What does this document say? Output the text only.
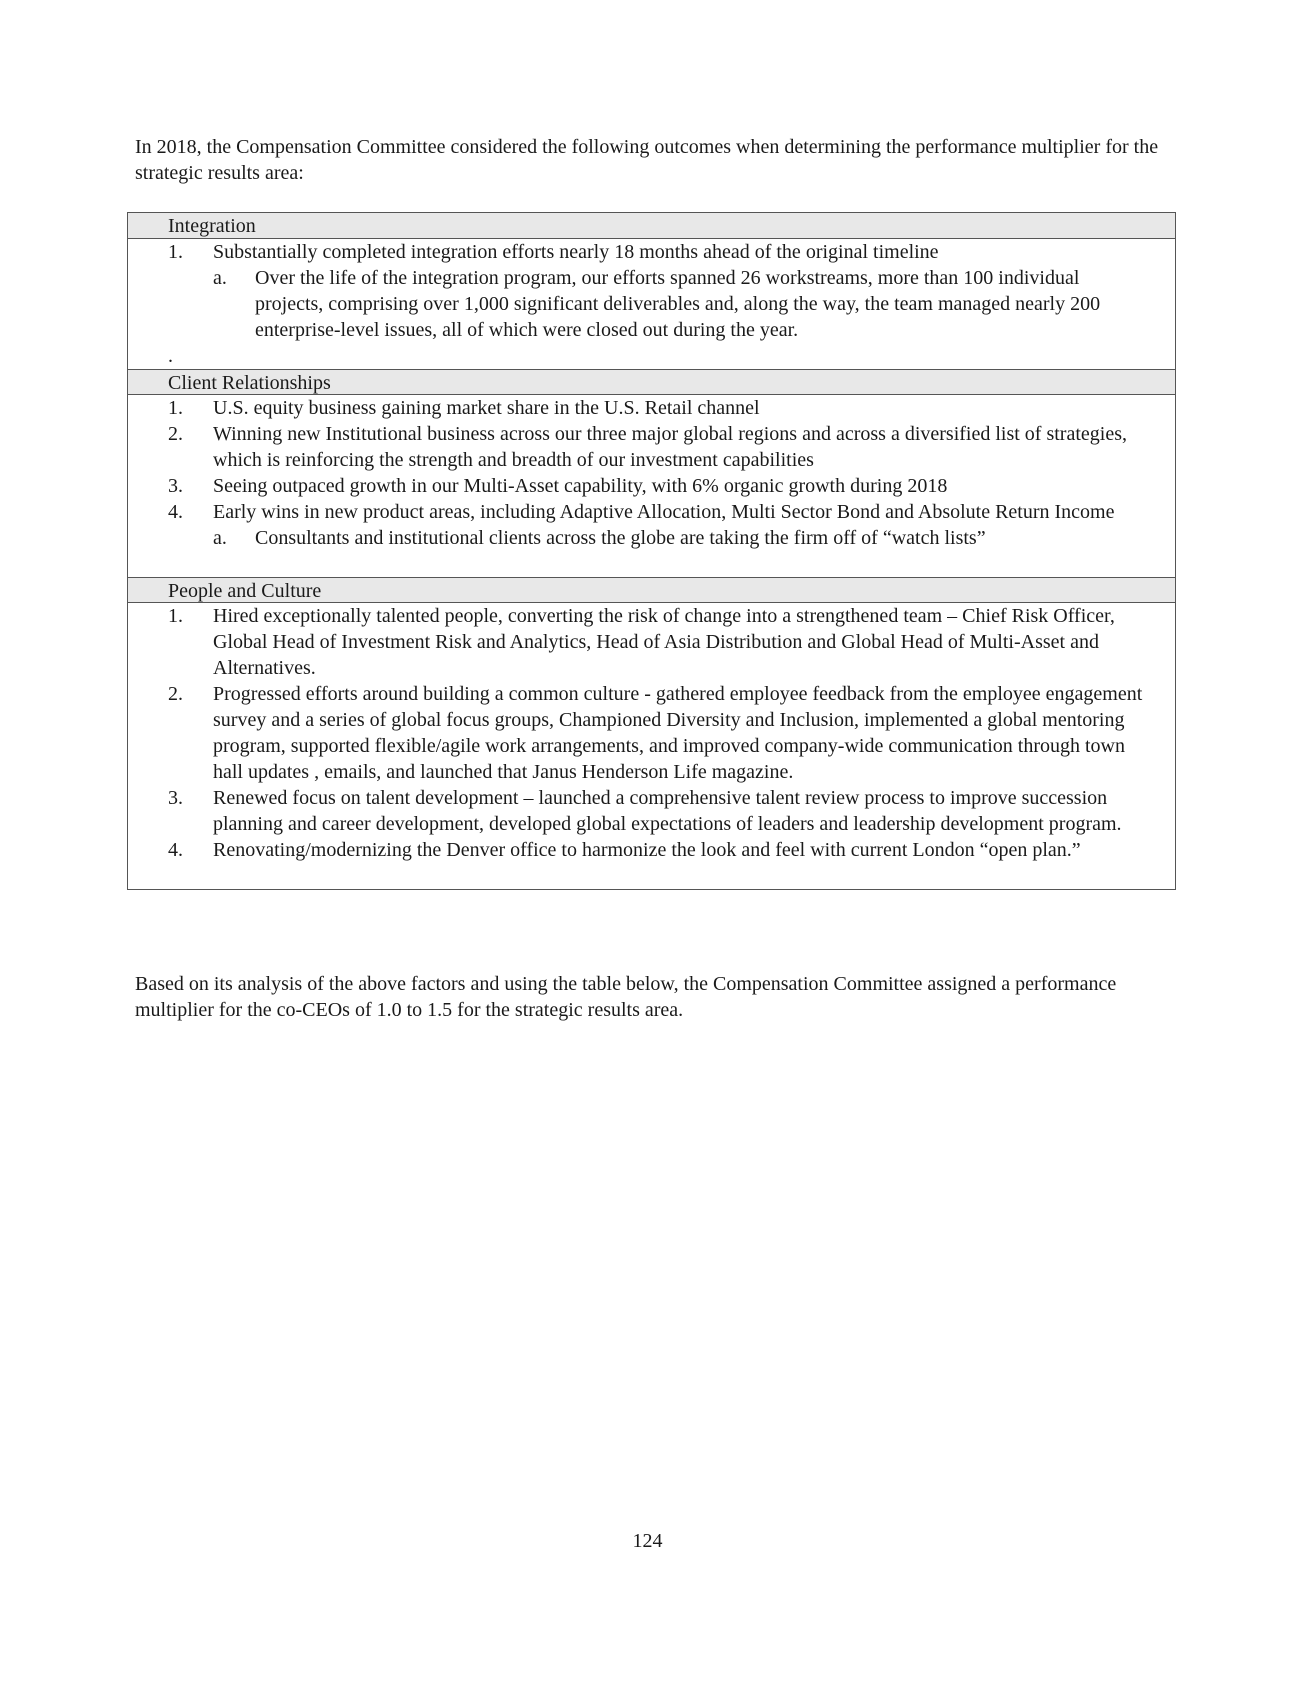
In 2018, the Compensation Committee considered the following outcomes when determining the performance multiplier for the strategic results area:

Integration
1.	Substantially completed integration efforts nearly 18 months ahead of the original timeline
a.	Over the life of the integration program, our efforts spanned 26 workstreams, more than 100 individual projects, comprising over 1,000 significant deliverables and, along the way, the team managed nearly 200 enterprise-level issues, all of which were closed out during the year.
.
Client Relationships
1.	U.S. equity business gaining market share in the U.S. Retail channel
2.	Winning new Institutional business across our three major global regions and across a diversified list of strategies, which is reinforcing the strength and breadth of our investment capabilities
3.	Seeing outpaced growth in our Multi-Asset capability, with 6% organic growth during 2018
4.	Early wins in new product areas, including Adaptive Allocation, Multi Sector Bond and Absolute Return Income
a.	Consultants and institutional clients across the globe are taking the firm off of “watch lists”
People and Culture
1.	Hired exceptionally talented people, converting the risk of change into a strengthened team – Chief Risk Officer, Global Head of Investment Risk and Analytics, Head of Asia Distribution and Global Head of Multi-Asset and Alternatives.
2.	Progressed efforts around building a common culture - gathered employee feedback from the employee engagement survey and a series of global focus groups, Championed Diversity and Inclusion, implemented a global mentoring program, supported flexible/agile work arrangements, and improved company-wide communication through town hall updates , emails, and launched that Janus Henderson Life magazine.
3.	Renewed focus on talent development – launched a comprehensive talent review process to improve succession planning and career development, developed global expectations of leaders and leadership development program.
4.	Renovating/modernizing the Denver office to harmonize the look and feel with current London “open plan.”

Based on its analysis of the above factors and using the table below, the Compensation Committee assigned a performance multiplier for the co-CEOs of 1.0 to 1.5 for the strategic results area.

124
